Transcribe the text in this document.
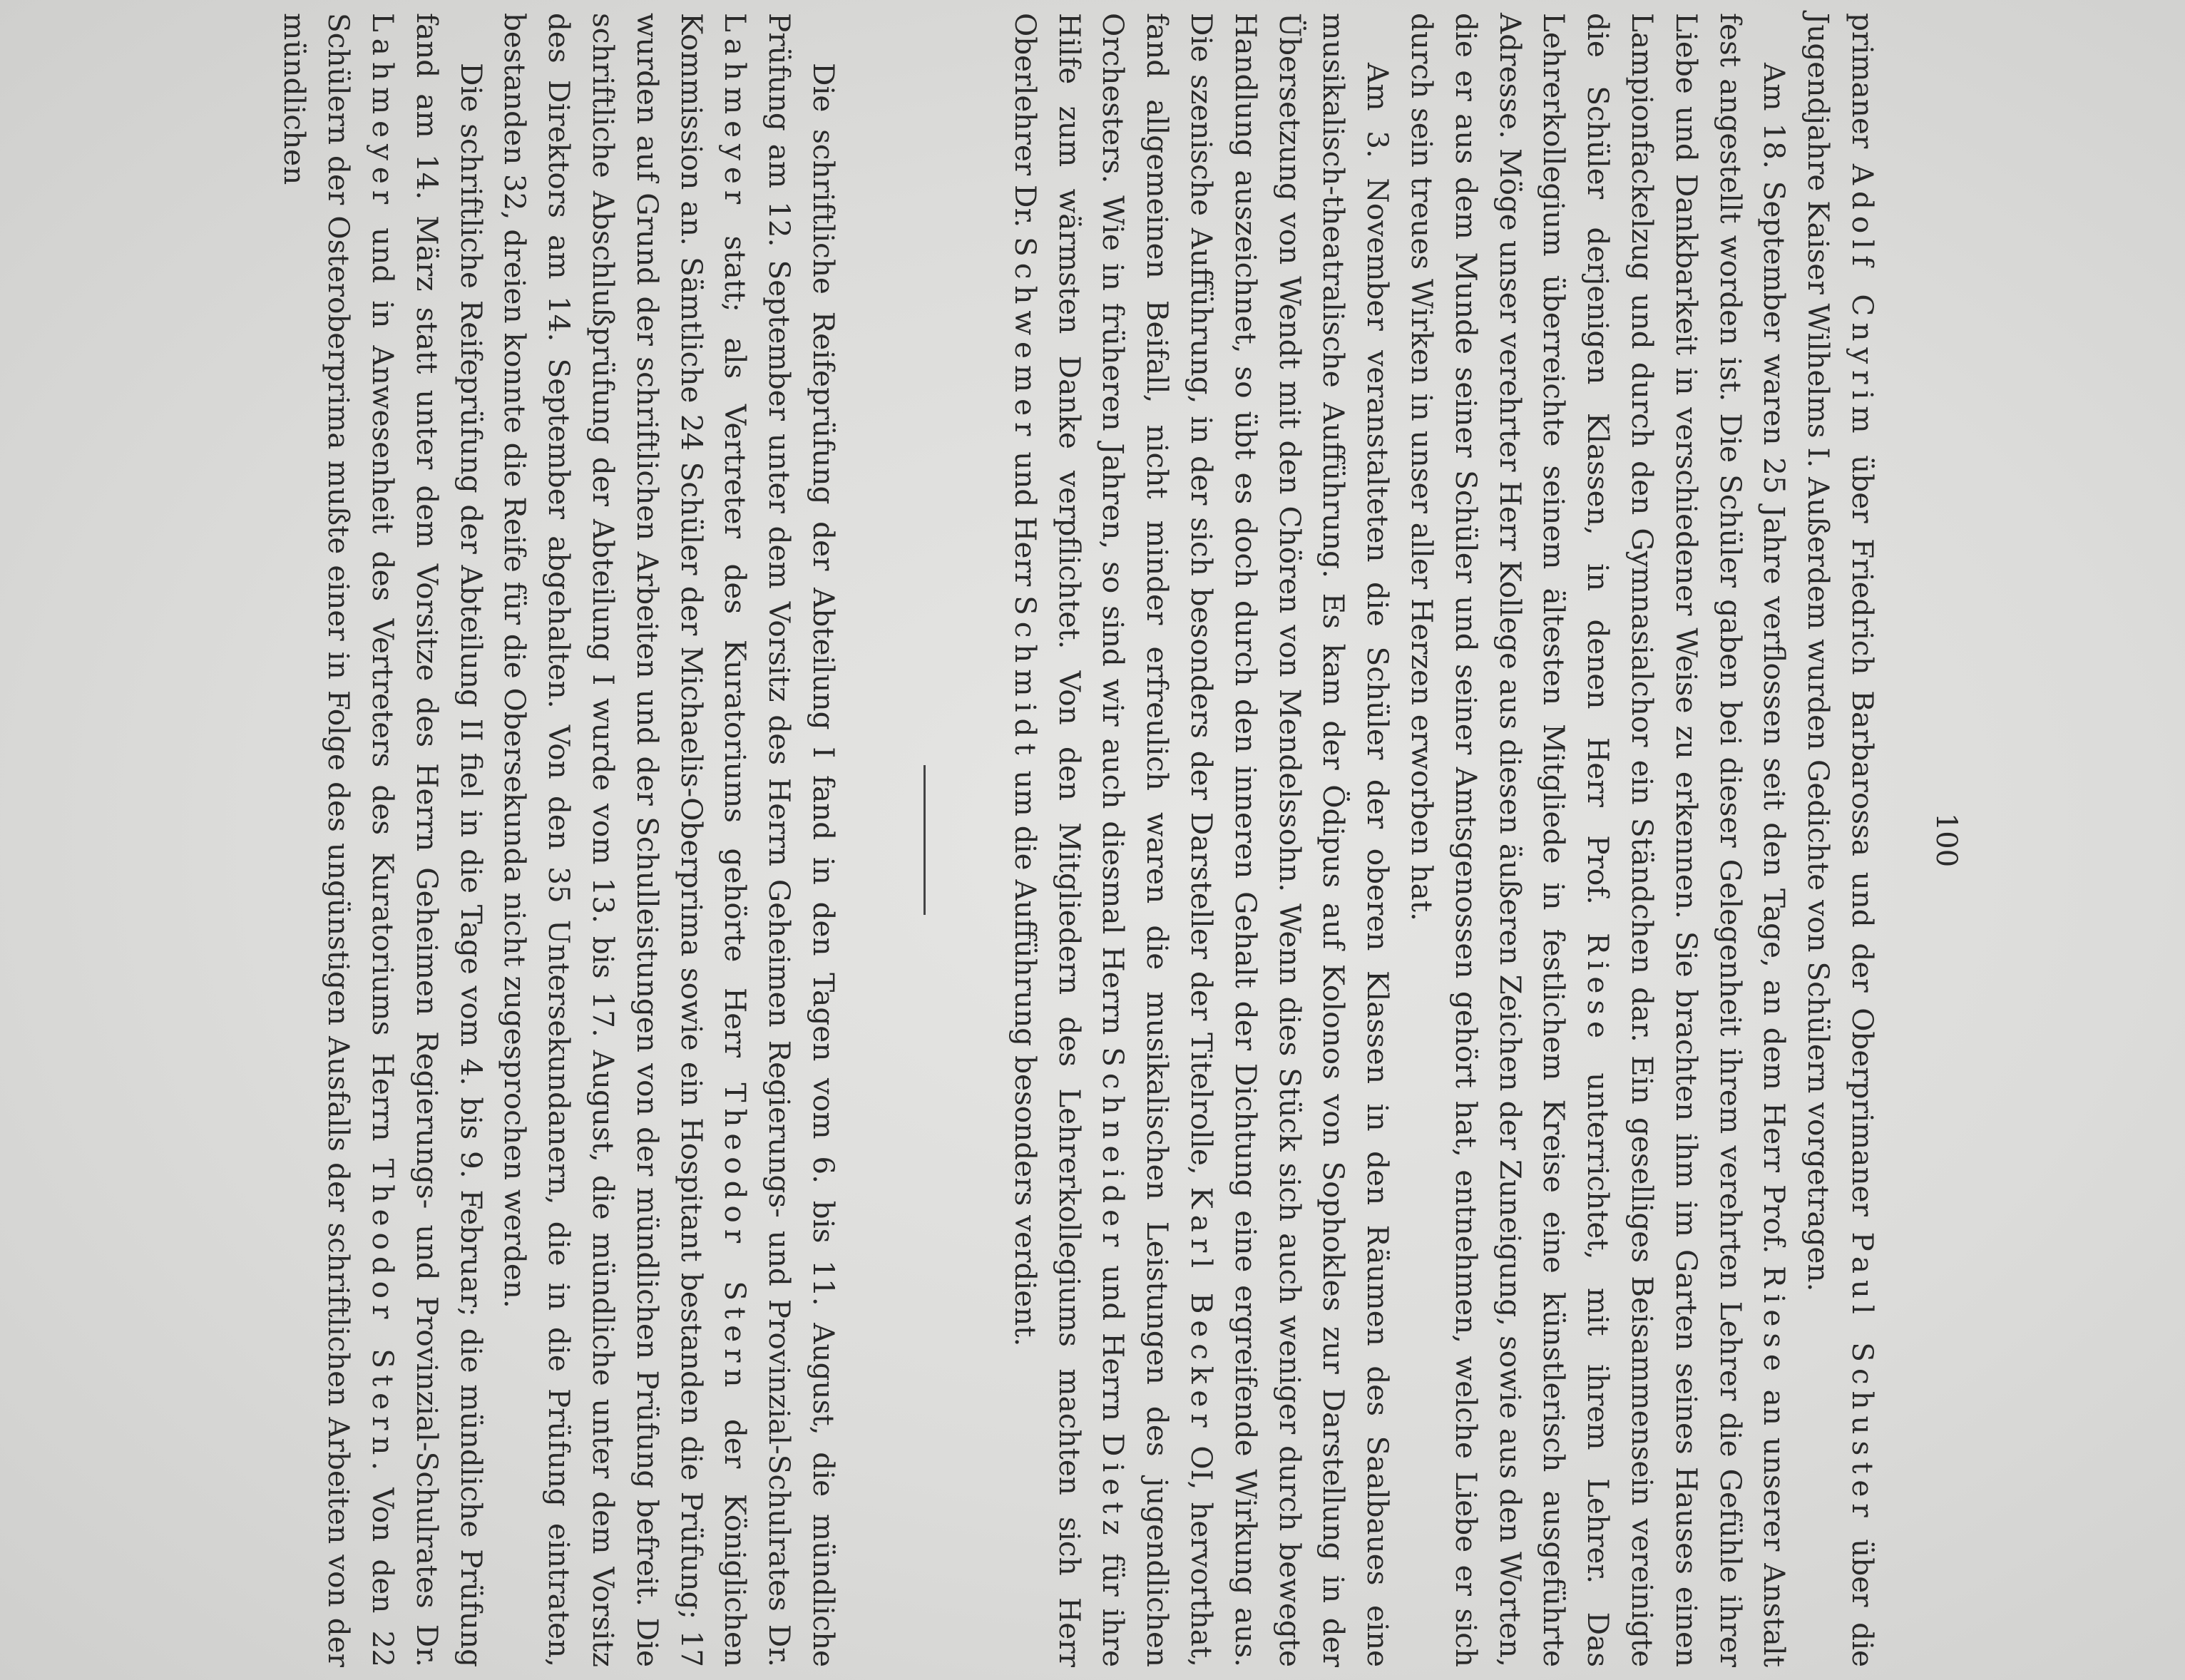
100

primaner Adolf Cnyrim über Friedrich Barbarossa und der Oberprimaner Paul Schuster über die Jugendjahre Kaiser Wilhelms I. Außerdem wurden Gedichte von Schülern vorgetragen.

Am 18. September waren 25 Jahre verflossen seit den Tage, an dem Herr Prof. Riese an unserer Anstalt fest angestellt worden ist. Die Schüler gaben bei dieser Gelegenheit ihrem verehrten Lehrer die Gefühle ihrer Liebe und Dankbarkeit in verschiedener Weise zu erkennen. Sie brachten ihm im Garten seines Hauses einen Lampionfackelzug und durch den Gymnasialchor ein Ständchen dar. Ein geselliges Beisammensein vereinigte die Schüler derjenigen Klassen, in denen Herr Prof. Riese unterrichtet, mit ihrem Lehrer. Das Lehrerkollegium überreichte seinem ältesten Mitgliede in festlichem Kreise eine künstlerisch ausgeführte Adresse. Möge unser verehrter Herr Kollege aus diesen äußeren Zeichen der Zuneigung, sowie aus den Worten, die er aus dem Munde seiner Schüler und seiner Amtsgenossen gehört hat, entnehmen, welche Liebe er sich durch sein treues Wirken in unser aller Herzen erworben hat.

Am 3. November veranstalteten die Schüler der oberen Klassen in den Räumen des Saalbaues eine musikalisch-theatralische Aufführung. Es kam der Ödipus auf Kolonos von Sophokles zur Darstellung in der Übersetzung von Wendt mit den Chören von Mendelssohn. Wenn dies Stück sich auch weniger durch bewegte Handlung auszeichnet, so übt es doch durch den inneren Gehalt der Dichtung eine ergreifende Wirkung aus. Die szenische Aufführung, in der sich besonders der Darsteller der Titelrolle, Karl Becker OI, hervorthat, fand allgemeinen Beifall, nicht minder erfreulich waren die musikalischen Leistungen des jugendlichen Orchesters. Wie in früheren Jahren, so sind wir auch diesmal Herrn Schneider und Herrn Dietz für ihre Hilfe zum wärmsten Danke verpflichtet. Von den Mitgliedern des Lehrerkollegiums machten sich Herr Oberlehrer Dr. Schwemer und Herr Schmidt um die Aufführung besonders verdient.

Die schriftliche Reifeprüfung der Abteilung I fand in den Tagen vom 6. bis 11. August, die mündliche Prüfung am 12. September unter dem Vorsitz des Herrn Geheimen Regierungs- und Provinzial-Schulrates Dr. Lahmeyer statt; als Vertreter des Kuratoriums gehörte Herr Theodor Stern der Königlichen Kommission an. Sämtliche 24 Schüler der Michaelis-Oberprima sowie ein Hospitant bestanden die Prüfung; 17 wurden auf Grund der schriftlichen Arbeiten und der Schulleistungen von der mündlichen Prüfung befreit. Die schriftliche Abschlußprüfung der Abteilung I wurde vom 13. bis 17. August, die mündliche unter dem Vorsitz des Direktors am 14. September abgehalten. Von den 35 Untersekundanern, die in die Prüfung eintraten, bestanden 32, dreien konnte die Reife für die Obersekunda nicht zugesprochen werden.

Die schriftliche Reifeprüfung der Abteilung II fiel in die Tage vom 4. bis 9. Februar; die mündliche Prüfung fand am 14. März statt unter dem Vorsitze des Herrn Geheimen Regierungs- und Provinzial-Schulrates Dr. Lahmeyer und in Anwesenheit des Vertreters des Kuratoriums Herrn Theodor Stern. Von den 22 Schülern der Osteroberprima mußte einer in Folge des ungünstigen Ausfalls der schriftlichen Arbeiten von der mündlichen
